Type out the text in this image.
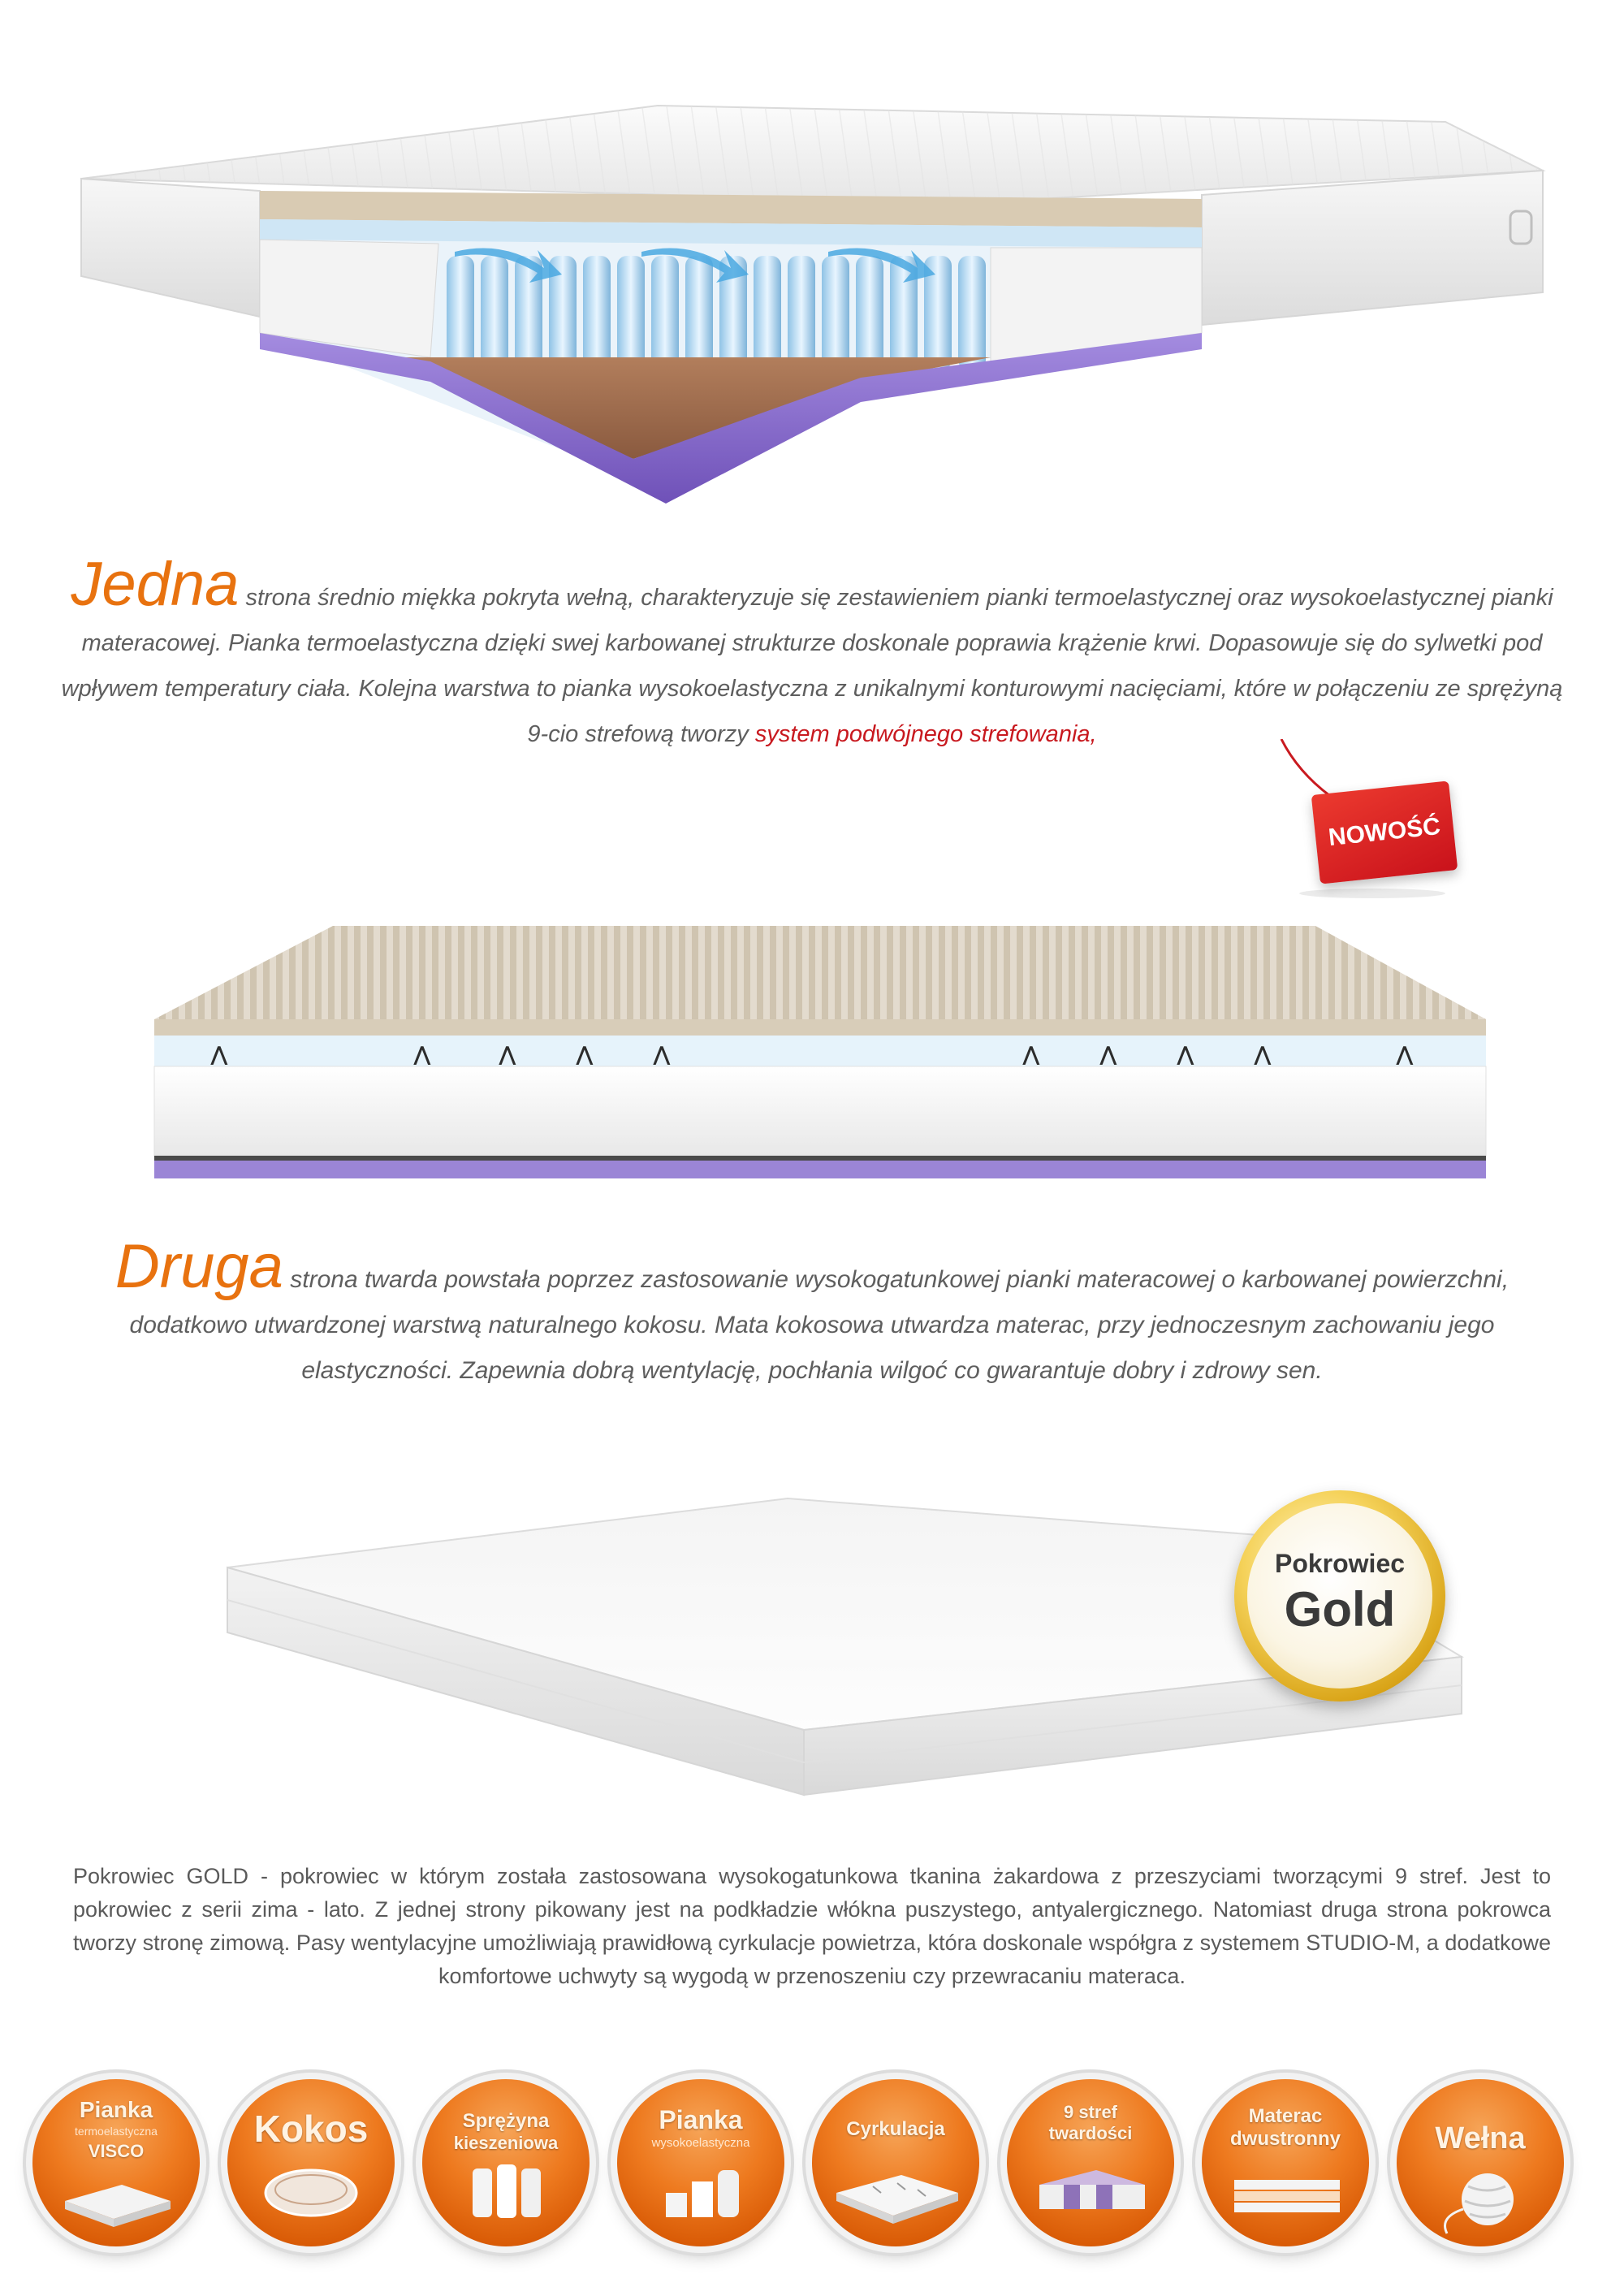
Jedna strona średnio miękka pokryta wełną, charakteryzuje się zestawieniem pianki termoelastycznej oraz wysokoelastycznej pianki materacowej. Pianka termoelastyczna dzięki swej karbowanej strukturze doskonale poprawia krążenie krwi. Dopasowuje się do sylwetki pod wpływem temperatury ciała. Kolejna warstwa to pianka wysokoelastyczna z unikalnymi konturowymi nacięciami, które w połączeniu ze sprężyną 9-cio strefową tworzy system podwójnego strefowania,
NOWOŚĆ
⋀	⋀	⋀	⋀	⋀	⋀	⋀	⋀	⋀	⋀
Druga strona twarda powstała poprzez zastosowanie wysokogatunkowej pianki materacowej o karbowanej powierzchni, dodatkowo utwardzonej warstwą naturalnego kokosu. Mata kokosowa utwardza materac, przy jednoczesnym zachowaniu jego elastyczności. Zapewnia dobrą wentylację, pochłania wilgoć co gwarantuje dobry i zdrowy sen.
Pokrowiec
Gold
Pokrowiec GOLD - pokrowiec w którym została zastosowana wysokogatunkowa tkanina żakardowa z przeszyciami tworzącymi 9 stref. Jest to pokrowiec z serii zima - lato. Z jednej strony pikowany jest na podkładzie włókna puszystego, antyalergicznego. Natomiast druga strona pokrowca tworzy stronę zimową. Pasy wentylacyjne umożliwiają prawidłową cyrkulacje powietrza, która doskonale współgra z systemem STUDIO-M, a dodatkowe komfortowe uchwyty są wygodą w przenoszeniu czy przewracaniu materaca.
Pianka
termoelastyczna
VISCO
Kokos	Sprężyna
kieszeniowa
Pianka
wysokoelastyczna
Cyrkulacja
9 stref
twardości
Materac
dwustronny	Wełna
